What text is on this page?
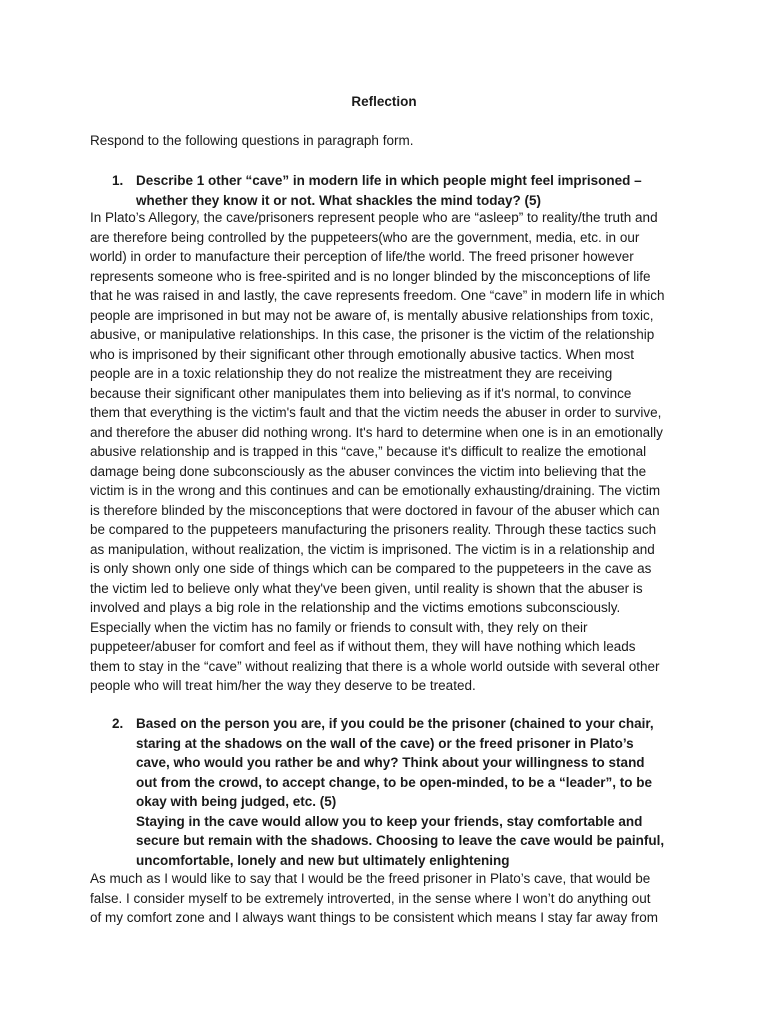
Reflection
Respond to the following questions in paragraph form.
1. Describe 1 other “cave” in modern life in which people might feel imprisoned –
whether they know it or not. What shackles the mind today? (5)
In Plato’s Allegory, the cave/prisoners represent people who are “asleep” to reality/the truth and
are therefore being controlled by the puppeteers(who are the government, media, etc. in our
world) in order to manufacture their perception of life/the world. The freed prisoner however
represents someone who is free-spirited and is no longer blinded by the misconceptions of life
that he was raised in and lastly, the cave represents freedom. One “cave” in modern life in which
people are imprisoned in but may not be aware of, is mentally abusive relationships from toxic,
abusive, or manipulative relationships. In this case, the prisoner is the victim of the relationship
who is imprisoned by their significant other through emotionally abusive tactics. When most
people are in a toxic relationship they do not realize the mistreatment they are receiving
because their significant other manipulates them into believing as if it's normal, to convince
them that everything is the victim's fault and that the victim needs the abuser in order to survive,
and therefore the abuser did nothing wrong. It's hard to determine when one is in an emotionally
abusive relationship and is trapped in this “cave,” because it's difficult to realize the emotional
damage being done subconsciously as the abuser convinces the victim into believing that the
victim is in the wrong and this continues and can be emotionally exhausting/draining. The victim
is therefore blinded by the misconceptions that were doctored in favour of the abuser which can
be compared to the puppeteers manufacturing the prisoners reality. Through these tactics such
as manipulation, without realization, the victim is imprisoned. The victim is in a relationship and
is only shown only one side of things which can be compared to the puppeteers in the cave as
the victim led to believe only what they've been given, until reality is shown that the abuser is
involved and plays a big role in the relationship and the victims emotions subconsciously.
Especially when the victim has no family or friends to consult with, they rely on their
puppeteer/abuser for comfort and feel as if without them, they will have nothing which leads
them to stay in the “cave” without realizing that there is a whole world outside with several other
people who will treat him/her the way they deserve to be treated.
2. Based on the person you are, if you could be the prisoner (chained to your chair,
staring at the shadows on the wall of the cave) or the freed prisoner in Plato’s
cave, who would you rather be and why? Think about your willingness to stand
out from the crowd, to accept change, to be open-minded, to be a “leader”, to be
okay with being judged, etc. (5)
Staying in the cave would allow you to keep your friends, stay comfortable and
secure but remain with the shadows. Choosing to leave the cave would be painful,
uncomfortable, lonely and new but ultimately enlightening
As much as I would like to say that I would be the freed prisoner in Plato’s cave, that would be
false. I consider myself to be extremely introverted, in the sense where I won’t do anything out
of my comfort zone and I always want things to be consistent which means I stay far away from
